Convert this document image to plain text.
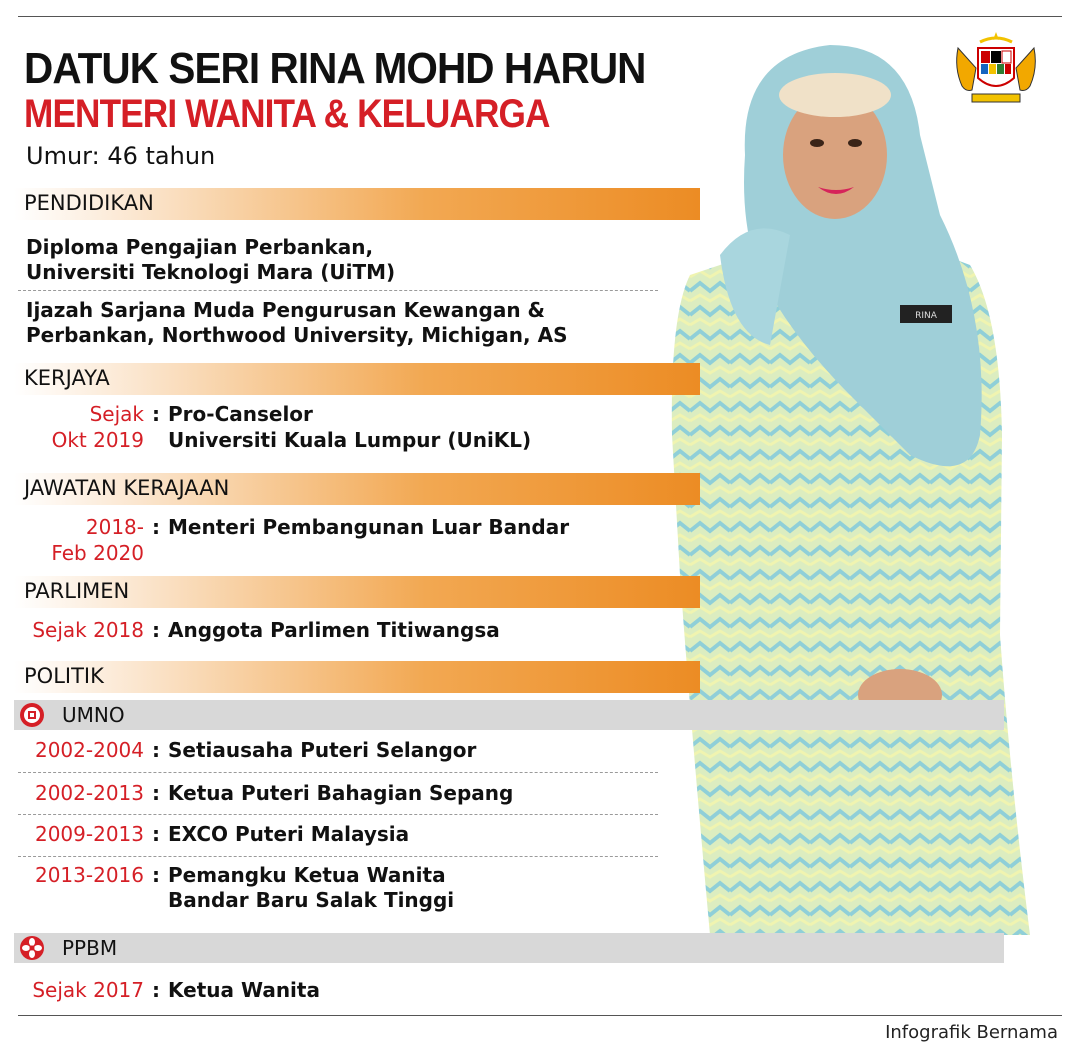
DATUK SERI RINA MOHD HARUN
MENTERI WANITA & KELUARGA
Umur: 46 tahun
RINA
PENDIDIKAN
Diploma Pengajian Perbankan,
Universiti Teknologi Mara (UiTM)
Ijazah Sarjana Muda Pengurusan Kewangan &
Perbankan, Northwood University, Michigan, AS
KERJAYA
Sejak
Okt 2019
: Pro-Canselor
Universiti Kuala Lumpur (UniKL)
JAWATAN KERAJAAN
2018-
Feb 2020
: Menteri Pembangunan Luar Bandar
PARLIMEN
Sejak 2018 : Anggota Parlimen Titiwangsa
POLITIK
UMNO
2002-2004 : Setiausaha Puteri Selangor
2002-2013 : Ketua Puteri Bahagian Sepang
2009-2013 : EXCO Puteri Malaysia
2013-2016 : Pemangku Ketua Wanita
Bandar Baru Salak Tinggi
PPBM
Sejak 2017 : Ketua Wanita
Infografik Bernama
